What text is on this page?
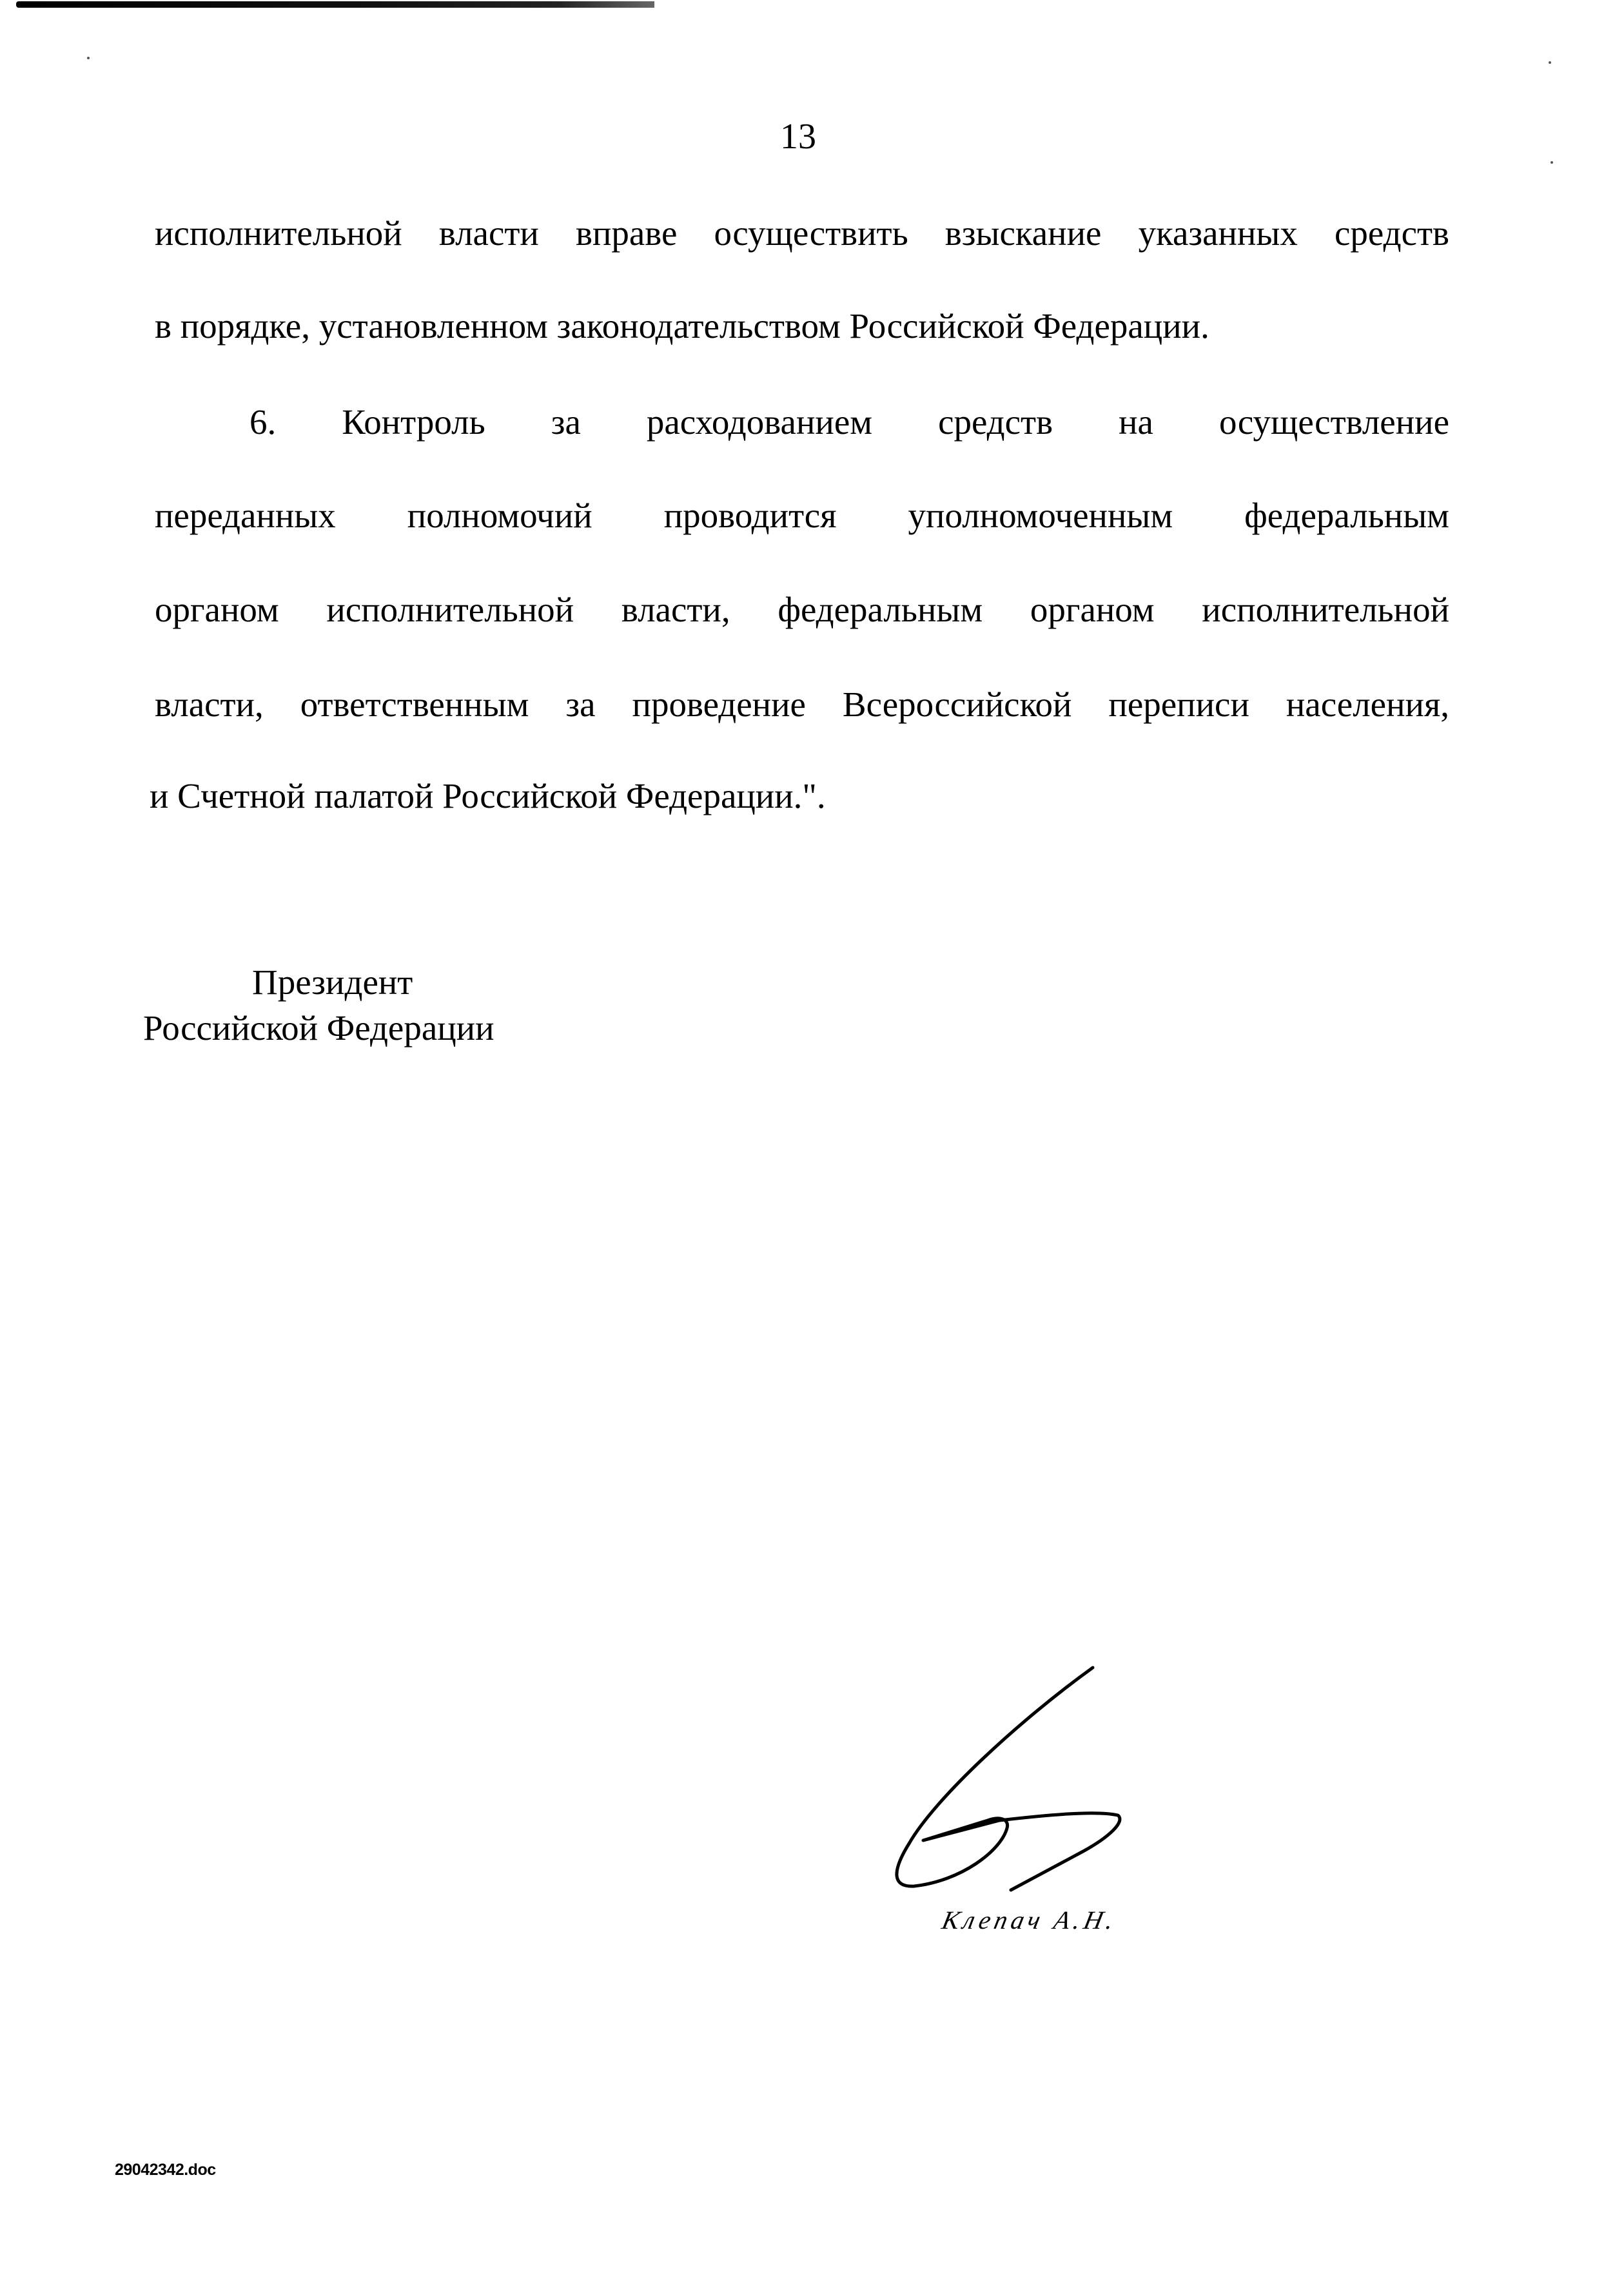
13
исполнительной власти вправе осуществить взыскание указанных средств
в порядке, установленном законодательством Российской Федерации.
6. Контроль за расходованием средств на осуществление
переданных полномочий проводится уполномоченным федеральным
органом исполнительной власти, федеральным органом исполнительной
власти, ответственным за проведение Всероссийской переписи населения,
и Счетной палатой Российской Федерации.".
Президент
Российской Федерации
Клепач А.Н.
29042342.doc
